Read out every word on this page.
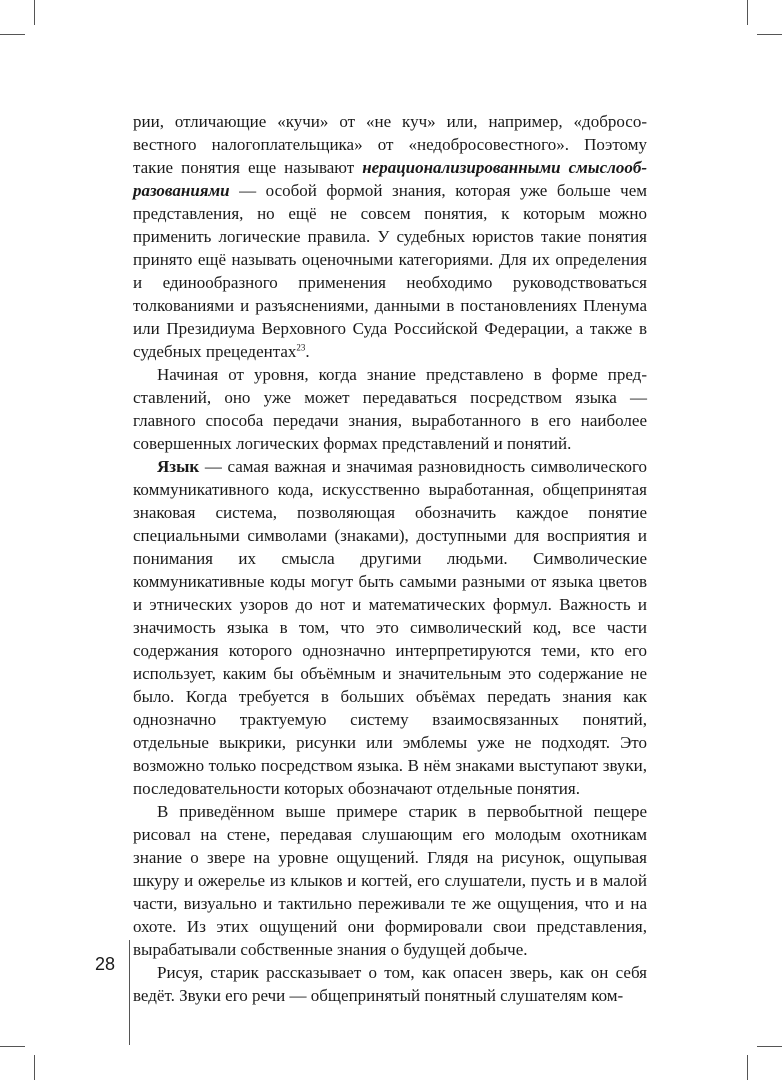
рии, отличающие «кучи» от «не куч» или, например, «добросовестного налогоплательщика» от «недобросовестного». Поэтому такие понятия еще называют нерационализированными смыслообразованиями — особой формой знания, которая уже больше чем представления, но ещё не совсем понятия, к которым можно применить логические правила. У судебных юристов такие понятия принято ещё называть оценочными категориями. Для их определения и единообразного применения необходимо руководствоваться толкованиями и разъяснениями, данными в постановлениях Пленума или Президиума Верховного Суда Российской Федерации, а также в судебных прецедентах$^{23}$.

Начиная от уровня, когда знание представлено в форме представлений, оно уже может передаваться посредством языка — главного способа передачи знания, выработанного в его наиболее совершенных логических формах представлений и понятий.

Язык — самая важная и значимая разновидность символического коммуникативного кода, искусственно выработанная, общепринятая знаковая система, позволяющая обозначить каждое понятие специальными символами (знаками), доступными для восприятия и понимания их смысла другими людьми. Символические коммуникативные коды могут быть самыми разными от языка цветов и этнических узоров до нот и математических формул. Важность и значимость языка в том, что это символический код, все части содержания которого однозначно интерпретируются теми, кто его использует, каким бы объёмным и значительным это содержание не было. Когда требуется в больших объёмах передать знания как однозначно трактуемую систему взаимосвязанных понятий, отдельные выкрики, рисунки или эмблемы уже не подходят. Это возможно только посредством языка. В нём знаками выступают звуки, последовательности которых обозначают отдельные понятия.

В приведённом выше примере старик в первобытной пещере рисовал на стене, передавая слушающим его молодым охотникам знание о звере на уровне ощущений. Глядя на рисунок, ощупывая шкуру и ожерелье из клыков и когтей, его слушатели, пусть и в малой части, визуально и тактильно переживали те же ощущения, что и на охоте. Из этих ощущений они формировали свои представления, вырабатывали собственные знания о будущей добыче.

Рисуя, старик рассказывает о том, как опасен зверь, как он себя ведёт. Звуки его речи — общепринятый понятный слушателям ком-

28
